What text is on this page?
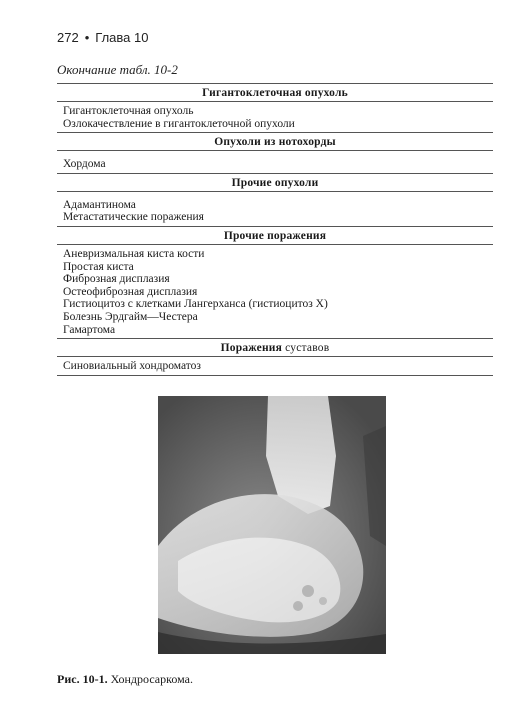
272 • Глава 10
Окончание табл. 10-2
Гигантоклеточная опухоль
Гигантоклеточная опухоль
Озлокачествление в гигантоклеточной опухоли
Опухоли из нотохорды
Хордома
Прочие опухоли
Адамантинома
Метастатические поражения
Прочие поражения
Аневризмальная киста кости
Простая киста
Фиброзная дисплазия
Остеофиброзная дисплазия
Гистиоцитоз с клетками Лангерханса (гистиоцитоз X)
Болезнь Эрдгайм—Честера
Гамартома
Поражения суставов
Синовиальный хондроматоз
Рис. 10-1. Хондросаркома.
